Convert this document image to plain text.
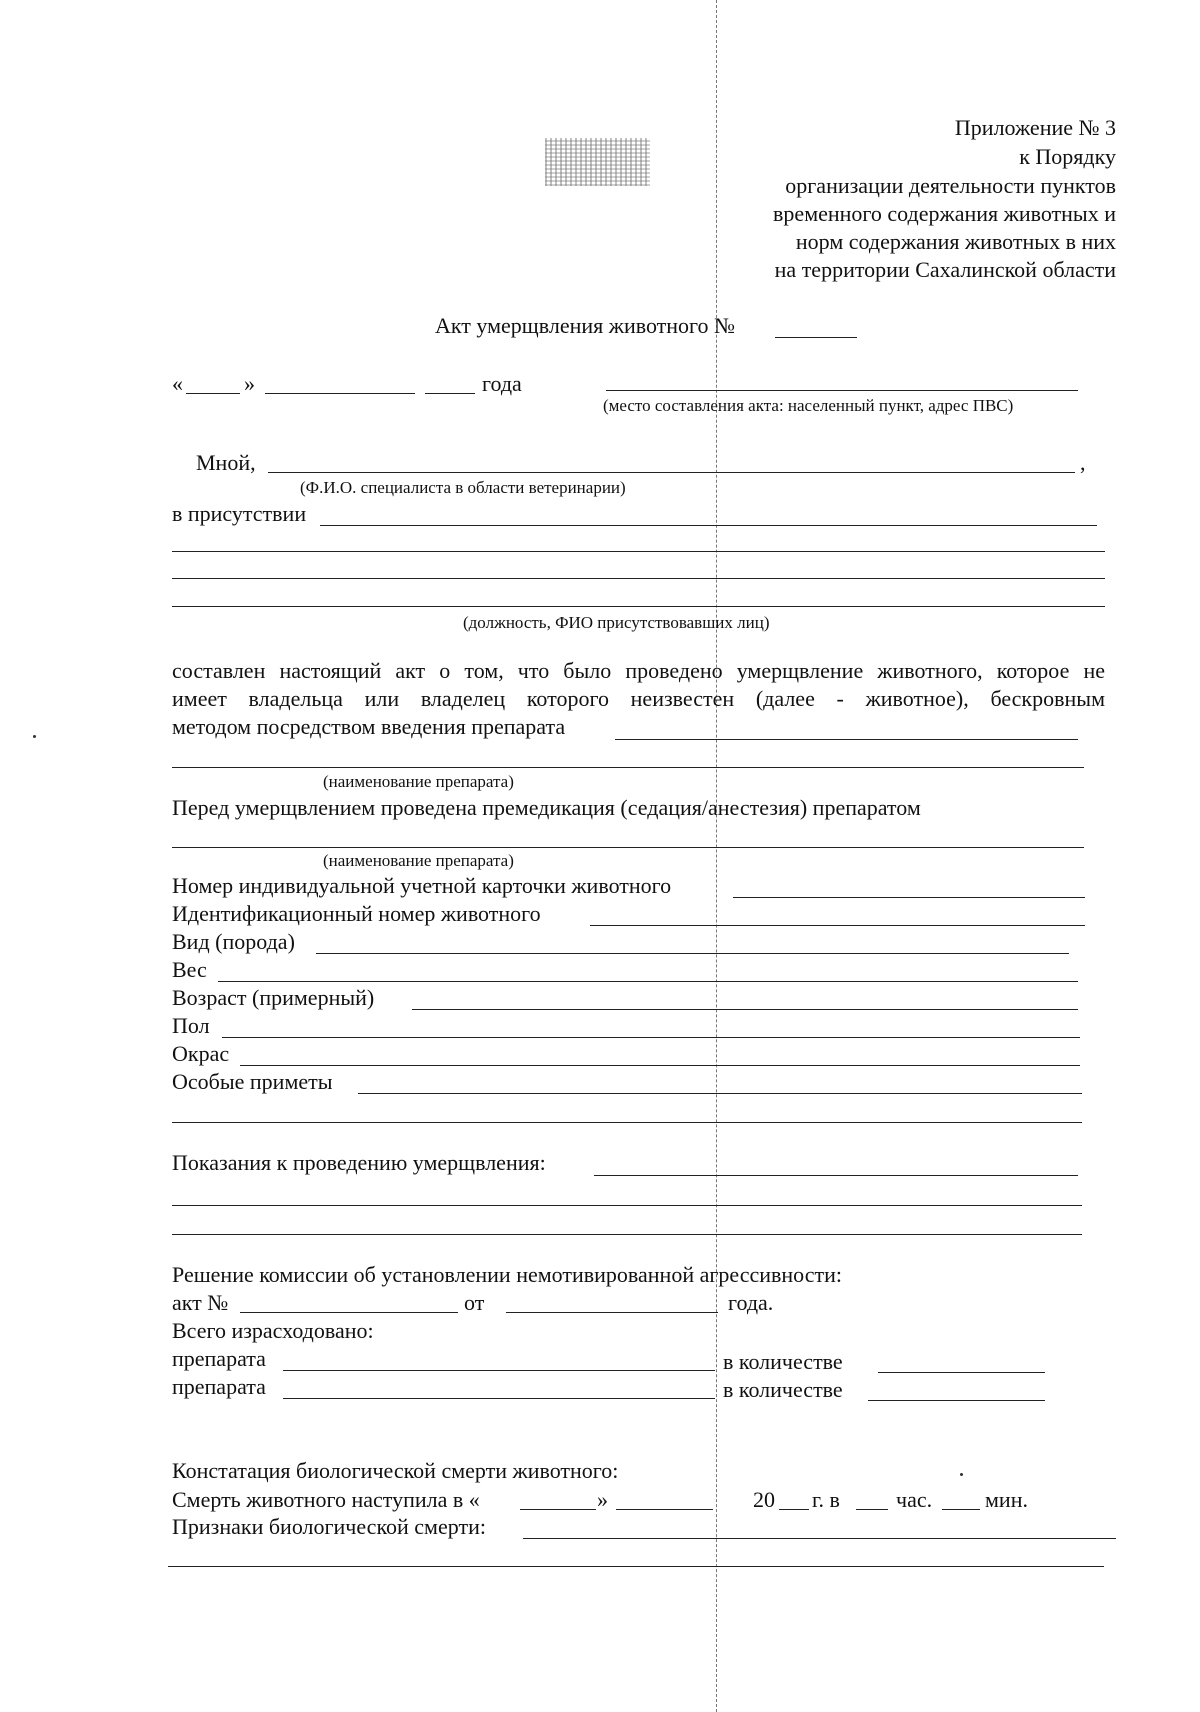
Приложение № 3
к Порядку
организации деятельности пунктов
временного содержания животных и
норм содержания животных в них
на территории Сахалинской области
Акт умерщвления животного №
«	»	года
(место составления акта: населенный пункт, адрес ПВС)
Мной,	,
(Ф.И.О. специалиста в области ветеринарии)
в присутствии
(должность, ФИО присутствовавших лиц)
составлен настоящий акт о том, что было проведено умерщвление животного, которое не
имеет владельца или владелец которого неизвестен (далее - животное), бескровным
методом посредством введения препарата
(наименование препарата)
Перед умерщвлением проведена премедикация (седация/анестезия) препаратом
(наименование препарата)
Номер индивидуальной учетной карточки животного
Идентификационный номер животного
Вид (порода)
Вес
Возраст (примерный)
Пол
Окрас
Особые приметы
Показания к проведению умерщвления:
Решение комиссии об установлении немотивированной агрессивности:
акт №	от	года.
Всего израсходовано:
препарата	в количестве
препарата	в количестве
Констатация биологической смерти животного:
Смерть животного наступила в «	»	20 г. в	час. мин.
Признаки биологической смерти:
